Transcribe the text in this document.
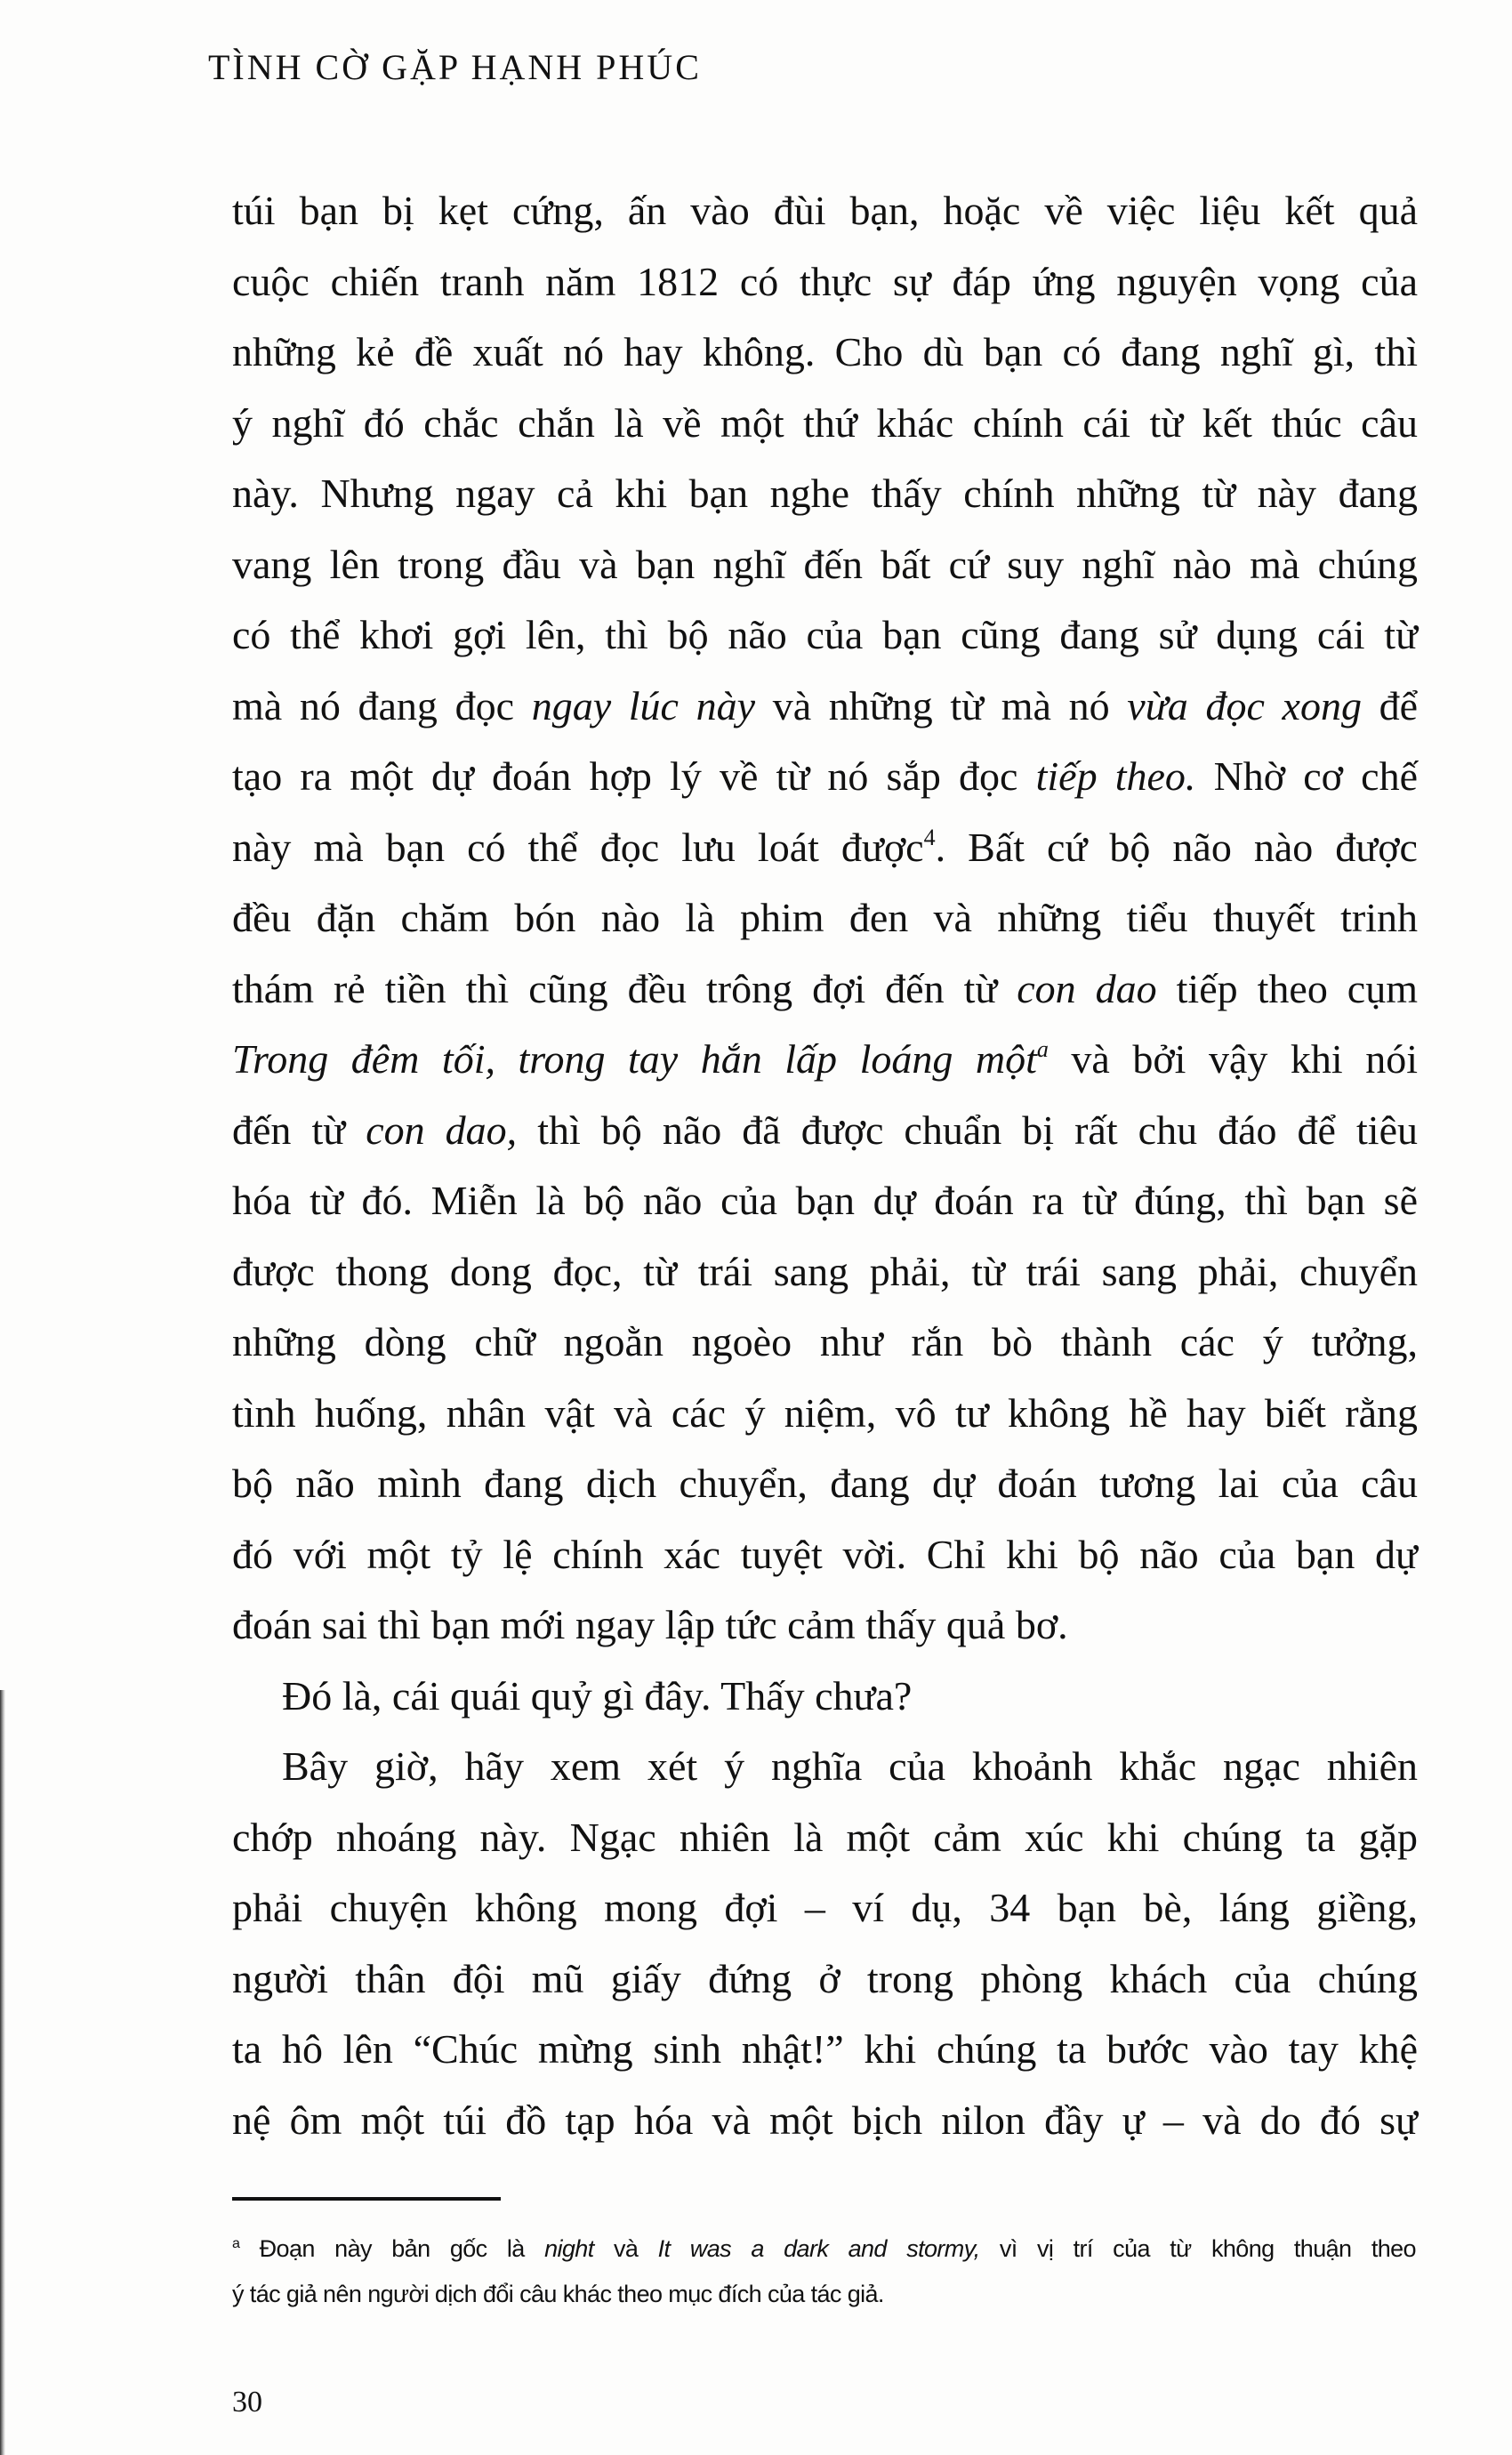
TÌNH CỜ GẶP HẠNH PHÚC
túi bạn bị kẹt cứng, ấn vào đùi bạn, hoặc về việc liệu kết quả
cuộc chiến tranh năm 1812 có thực sự đáp ứng nguyện vọng của
những kẻ đề xuất nó hay không. Cho dù bạn có đang nghĩ gì, thì
ý nghĩ đó chắc chắn là về một thứ khác chính cái từ kết thúc câu
này. Nhưng ngay cả khi bạn nghe thấy chính những từ này đang
vang lên trong đầu và bạn nghĩ đến bất cứ suy nghĩ nào mà chúng
có thể khơi gợi lên, thì bộ não của bạn cũng đang sử dụng cái từ
mà nó đang đọc ngay lúc này và những từ mà nó vừa đọc xong để
tạo ra một dự đoán hợp lý về từ nó sắp đọc tiếp theo. Nhờ cơ chế
này mà bạn có thể đọc lưu loát được$^4$. Bất cứ bộ não nào được
đều đặn chăm bón nào là phim đen và những tiểu thuyết trinh
thám rẻ tiền thì cũng đều trông đợi đến từ con dao tiếp theo cụm
Trong đêm tối, trong tay hắn lấp loáng một$^a$ và bởi vậy khi nói
đến từ con dao, thì bộ não đã được chuẩn bị rất chu đáo để tiêu
hóa từ đó. Miễn là bộ não của bạn dự đoán ra từ đúng, thì bạn sẽ
được thong dong đọc, từ trái sang phải, từ trái sang phải, chuyển
những dòng chữ ngoằn ngoèo như rắn bò thành các ý tưởng,
tình huống, nhân vật và các ý niệm, vô tư không hề hay biết rằng
bộ não mình đang dịch chuyển, đang dự đoán tương lai của câu
đó với một tỷ lệ chính xác tuyệt vời. Chỉ khi bộ não của bạn dự
đoán sai thì bạn mới ngay lập tức cảm thấy quả bơ.
Đó là, cái quái quỷ gì đây. Thấy chưa?
Bây giờ, hãy xem xét ý nghĩa của khoảnh khắc ngạc nhiên
chớp nhoáng này. Ngạc nhiên là một cảm xúc khi chúng ta gặp
phải chuyện không mong đợi – ví dụ, 34 bạn bè, láng giềng,
người thân đội mũ giấy đứng ở trong phòng khách của chúng
ta hô lên “Chúc mừng sinh nhật!” khi chúng ta bước vào tay khệ
nệ ôm một túi đồ tạp hóa và một bịch nilon đầy ự – và do đó sự
$^a$ Đoạn này bản gốc là night và It was a dark and stormy, vì vị trí của từ không thuận theo
ý tác giả nên người dịch đổi câu khác theo mục đích của tác giả.
30
